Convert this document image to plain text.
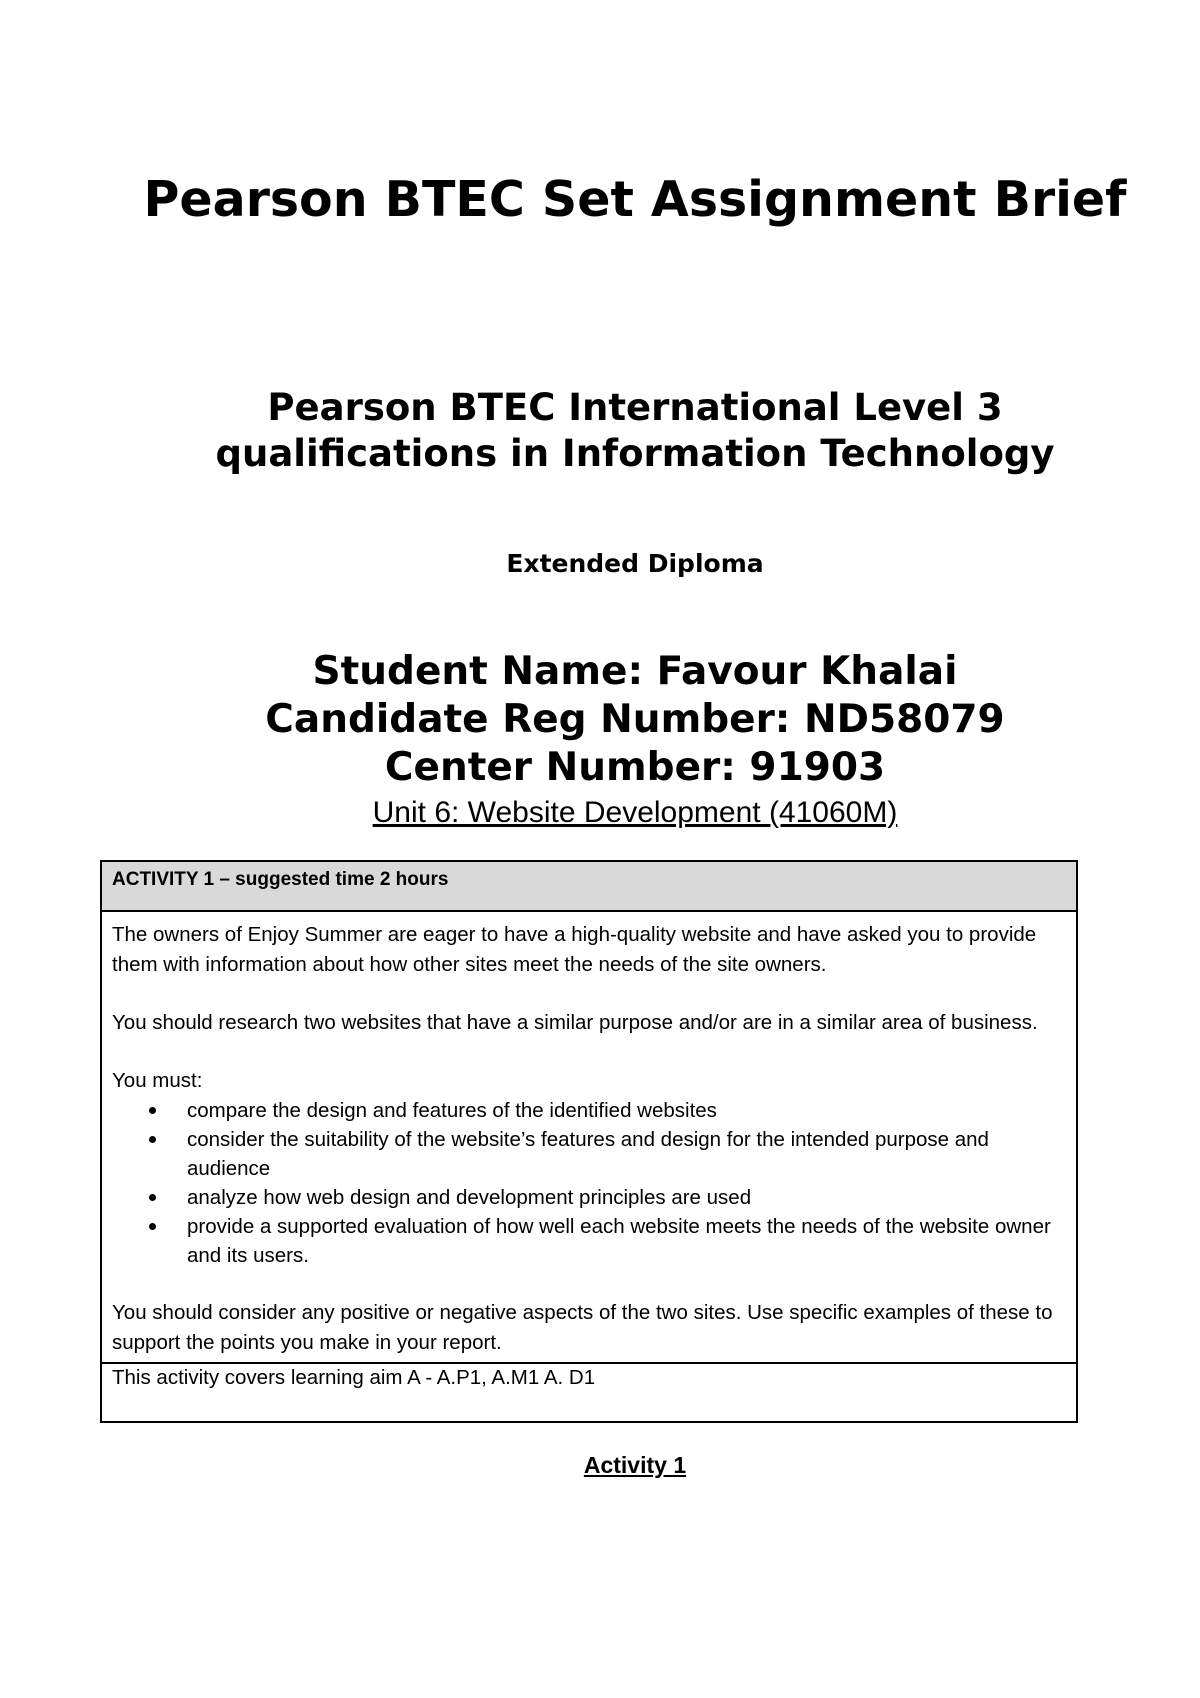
Pearson BTEC Set Assignment Brief
Pearson BTEC International Level 3 qualifications in Information Technology
Extended Diploma
Student Name: Favour Khalai
Candidate Reg Number: ND58079
Center Number: 91903
Unit 6: Website Development (41060M)
ACTIVITY 1 – suggested time 2 hours

The owners of Enjoy Summer are eager to have a high-quality website and have asked you to provide them with information about how other sites meet the needs of the site owners.

You should research two websites that have a similar purpose and/or are in a similar area of business.

You must:

compare the design and features of the identified websites
consider the suitability of the website’s features and design for the intended purpose and audience
analyze how web design and development principles are used
provide a supported evaluation of how well each website meets the needs of the website owner and its users.

You should consider any positive or negative aspects of the two sites. Use specific examples of these to support the points you make in your report.

This activity covers learning aim A - A.P1, A.M1 A. D1
Activity 1
